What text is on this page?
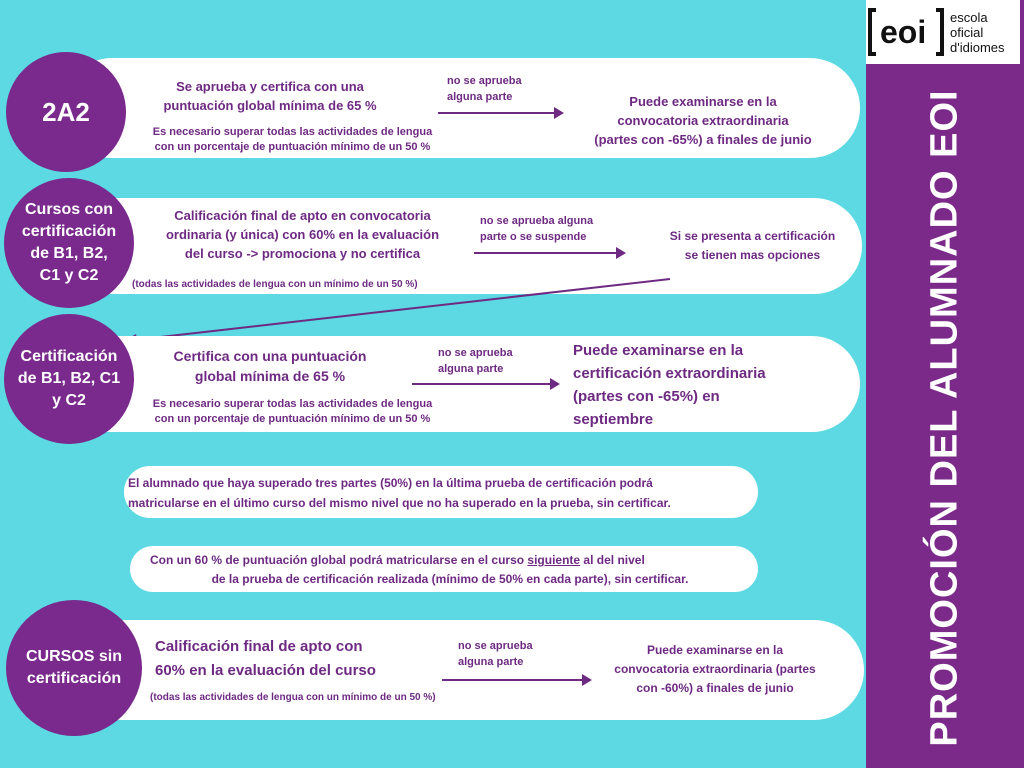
eoi escola
oficial
d'idiomes
PROMOCIÓN DEL ALUMNADO EOI
2A2
Se aprueba y certifica con una
puntuación global mínima de 65 %
Es necesario superar todas las actividades de lengua
con un porcentaje de puntuación mínimo de un 50 %
no se aprueba
alguna parte	Puede examinarse en la
convocatoria extraordinaria
(partes con -65%) a finales de junio
Cursos con
certificación
de B1, B2,
C1 y C2
Calificación final de apto en convocatoria
ordinaria (y única) con 60% en la evaluación
del curso -> promociona y no certifica
(todas las actividades de lengua con un mínimo de un 50 %)
no se aprueba alguna
parte o se suspende	Si se presenta a certificación
se tienen mas opciones
Certificación
de B1, B2, C1
y C2
Certifica con una puntuación
global mínima de 65 %
Es necesario superar todas las actividades de lengua
con un porcentaje de puntuación mínimo de un 50 %
no se aprueba
alguna parte
Puede examinarse en la
certificación extraordinaria
(partes con -65%) en
septiembre
El alumnado que haya superado tres partes (50%) en la última prueba de certificación podrá
matricularse en el último curso del mismo nivel que no ha superado en la prueba, sin certificar.
Con un 60 % de puntuación global podrá matricularse en el curso siguiente al del nivel
de la prueba de certificación realizada (mínimo de 50% en cada parte), sin certificar.
CURSOS sin
certificación
Calificación final de apto con
60% en la evaluación del curso
(todas las actividades de lengua con un mínimo de un 50 %)
no se aprueba
alguna parte
Puede examinarse en la
convocatoria extraordinaria (partes
con -60%) a finales de junio
